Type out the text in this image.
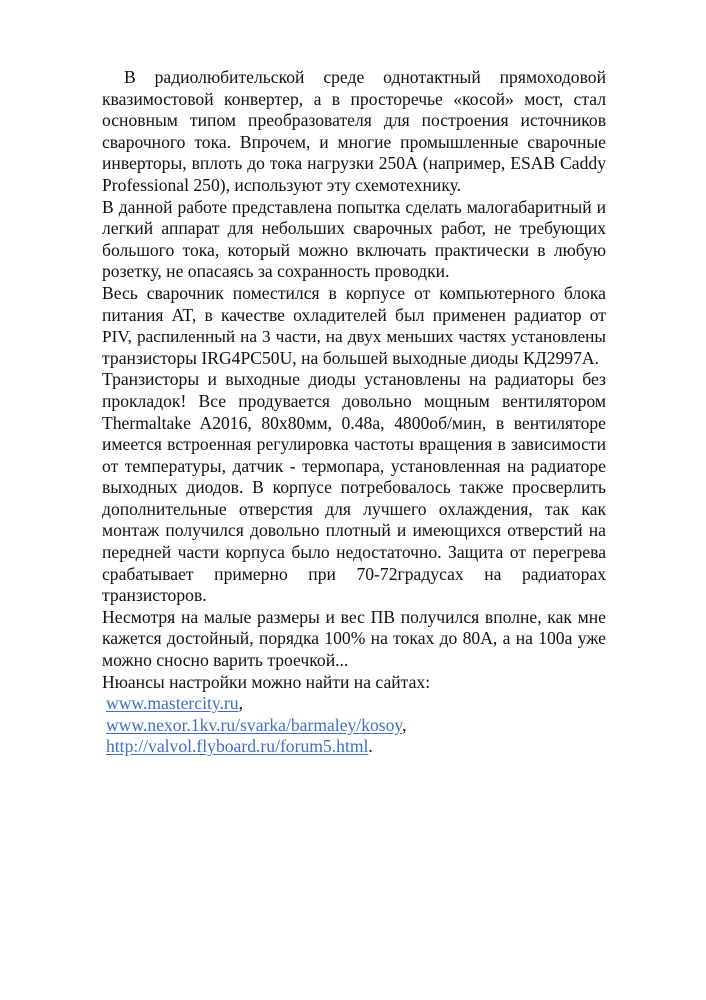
В радиолюбительской среде однотактный прямоходовой
квазимостовой конвертер, а в просторечье «косой» мост, стал
основным типом преобразователя для построения источников
сварочного тока. Впрочем, и многие промышленные сварочные
инверторы, вплоть до тока нагрузки 250А (например, ESAB Caddy
Professional 250), используют эту схемотехнику.
В данной работе представлена попытка сделать малогабаритный и
легкий аппарат для небольших сварочных работ, не требующих
большого тока, который можно включать практически в любую
розетку, не опасаясь за сохранность проводки.
Весь сварочник поместился в корпусе от компьютерного блока
питания AT, в качестве охладителей был применен радиатор от
PIV, распиленный на 3 части, на двух меньших частях установлены
транзисторы IRG4PC50U, на большей выходные диоды КД2997А.
Транзисторы и выходные диоды установлены на радиаторы без
прокладок! Все продувается довольно мощным вентилятором
Thermaltake A2016, 80х80мм, 0.48а, 4800об/мин, в вентиляторе
имеется встроенная регулировка частоты вращения в зависимости
от температуры, датчик - термопара, установленная на радиаторе
выходных диодов. В корпусе потребовалось также просверлить
дополнительные отверстия для лучшего охлаждения, так как
монтаж получился довольно плотный и имеющихся отверстий на
передней части корпуса было недостаточно. Защита от перегрева
срабатывает примерно при 70-72градусах на радиаторах
транзисторов.
Несмотря на малые размеры и вес ПВ получился вполне, как мне
кажется достойный, порядка 100% на токах до 80А, а на 100а уже
можно сносно варить троечкой...
Нюансы настройки можно найти на сайтах:
www.mastercity.ru,
www.nexor.1kv.ru/svarka/barmaley/kosoy,
http://valvol.flyboard.ru/forum5.html.
